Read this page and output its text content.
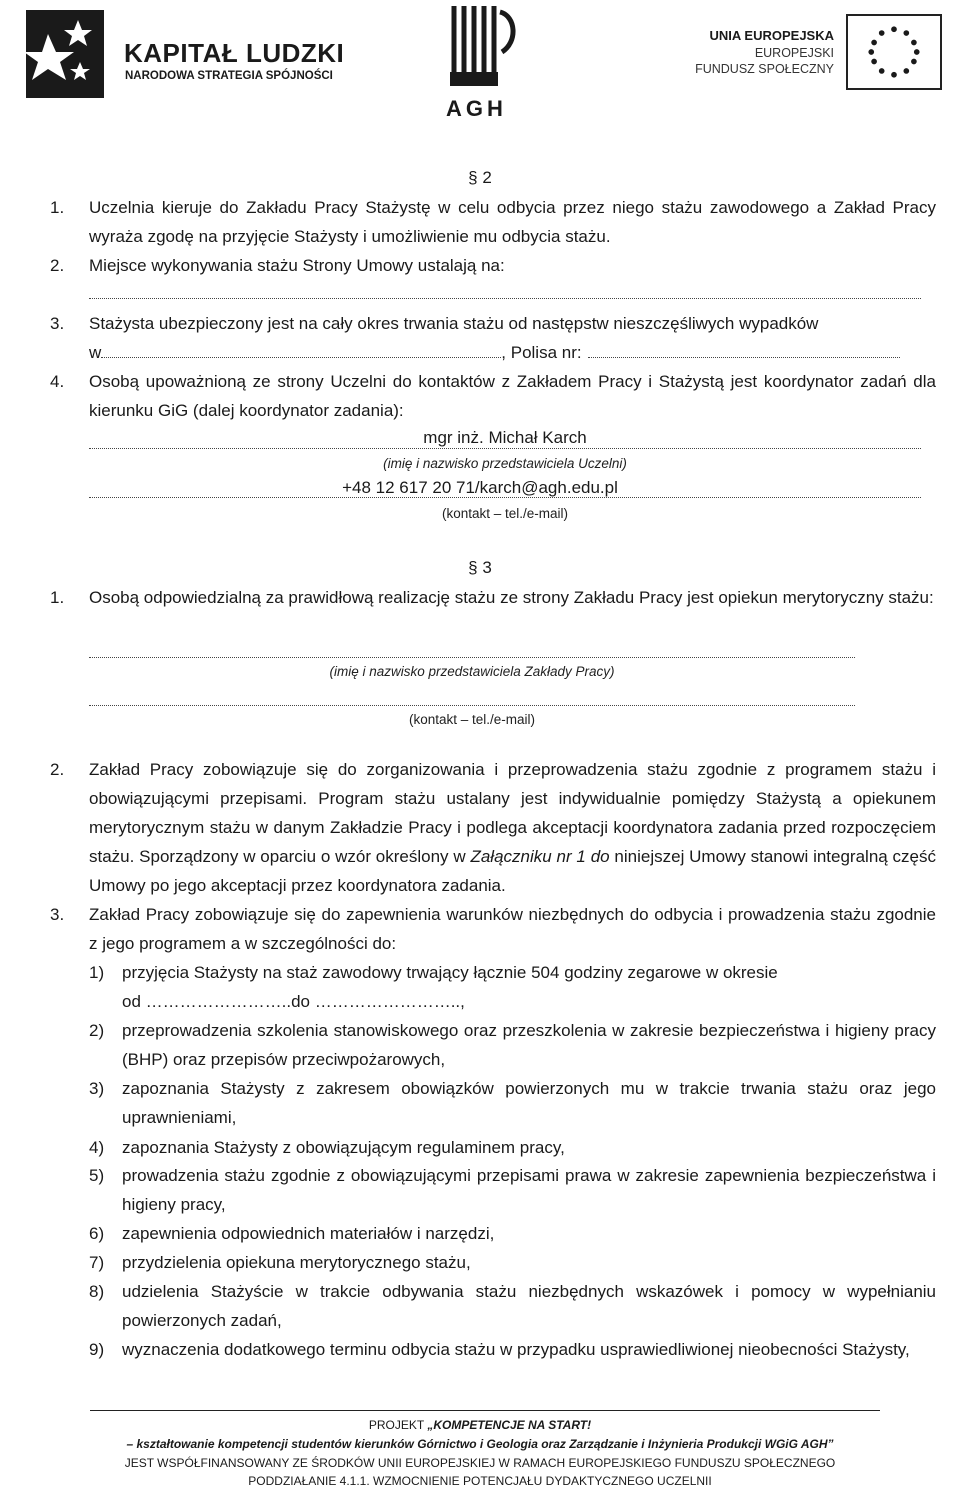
KAPITAŁ LUDZKI
NARODOWA STRATEGIA SPÓJNOŚCI
AGH
UNIA EUROPEJSKA
EUROPEJSKI
FUNDUSZ SPOŁECZNY
§ 2
1. Uczelnia kieruje do Zakładu Pracy Stażystę w celu odbycia przez niego stażu zawodowego a Zakład Pracy wyraża zgodę na przyjęcie Stażysty i umożliwienie mu odbycia stażu.
2. Miejsce wykonywania stażu Strony Umowy ustalają na:
3. Stażysta ubezpieczony jest na cały okres trwania stażu od następstw nieszczęśliwych wypadków
w	, Polisa nr:
4. Osobą upoważnioną ze strony Uczelni do kontaktów z Zakładem Pracy i Stażystą jest koordynator zadań dla kierunku GiG (dalej koordynator zadania):
mgr inż. Michał Karch
(imię i nazwisko przedstawiciela Uczelni)
+48 12 617 20 71/karch@agh.edu.pl
(kontakt – tel./e-mail)
§ 3
1. Osobą odpowiedzialną za prawidłową realizację stażu ze strony Zakładu Pracy jest opiekun merytoryczny stażu:
(imię i nazwisko przedstawiciela Zakłady Pracy)
(kontakt – tel./e-mail)
2. Zakład Pracy zobowiązuje się do zorganizowania i przeprowadzenia stażu zgodnie z programem stażu i obowiązującymi przepisami. Program stażu ustalany jest indywidualnie pomiędzy Stażystą a opiekunem merytorycznym stażu w danym Zakładzie Pracy i podlega akceptacji koordynatora zadania przed rozpoczęciem stażu. Sporządzony w oparciu o wzór określony w Załączniku nr 1 do niniejszej Umowy stanowi integralną część Umowy po jego akceptacji przez koordynatora zadania.
3. Zakład Pracy zobowiązuje się do zapewnienia warunków niezbędnych do odbycia i prowadzenia stażu zgodnie z jego programem a w szczególności do:
1) przyjęcia Stażysty na staż zawodowy trwający łącznie 504 godziny zegarowe w okresie
od ……………………..do ……………………..,
2) przeprowadzenia szkolenia stanowiskowego oraz przeszkolenia w zakresie bezpieczeństwa i higieny pracy (BHP) oraz przepisów przeciwpożarowych,
3) zapoznania Stażysty z zakresem obowiązków powierzonych mu w trakcie trwania stażu oraz jego uprawnieniami,
4) zapoznania Stażysty z obowiązującym regulaminem pracy,
5) prowadzenia stażu zgodnie z obowiązującymi przepisami prawa w zakresie zapewnienia bezpieczeństwa i higieny pracy,
6) zapewnienia odpowiednich materiałów i narzędzi,
7) przydzielenia opiekuna merytorycznego stażu,
8) udzielenia Stażyście w trakcie odbywania stażu niezbędnych wskazówek i pomocy w wypełnianiu powierzonych zadań,
9) wyznaczenia dodatkowego terminu odbycia stażu w przypadku usprawiedliwionej nieobecności Stażysty,
PROJEKT „KOMPETENCJE NA START!
– kształtowanie kompetencji studentów kierunków Górnictwo i Geologia oraz Zarządzanie i Inżynieria Produkcji WGiG AGH”
JEST WSPÓŁFINANSOWANY ZE ŚRODKÓW UNII EUROPEJSKIEJ W RAMACH EUROPEJSKIEGO FUNDUSZU SPOŁECZNEGO
PODDZIAŁANIE 4.1.1. WZMOCNIENIE POTENCJAŁU DYDAKTYCZNEGO UCZELNII
